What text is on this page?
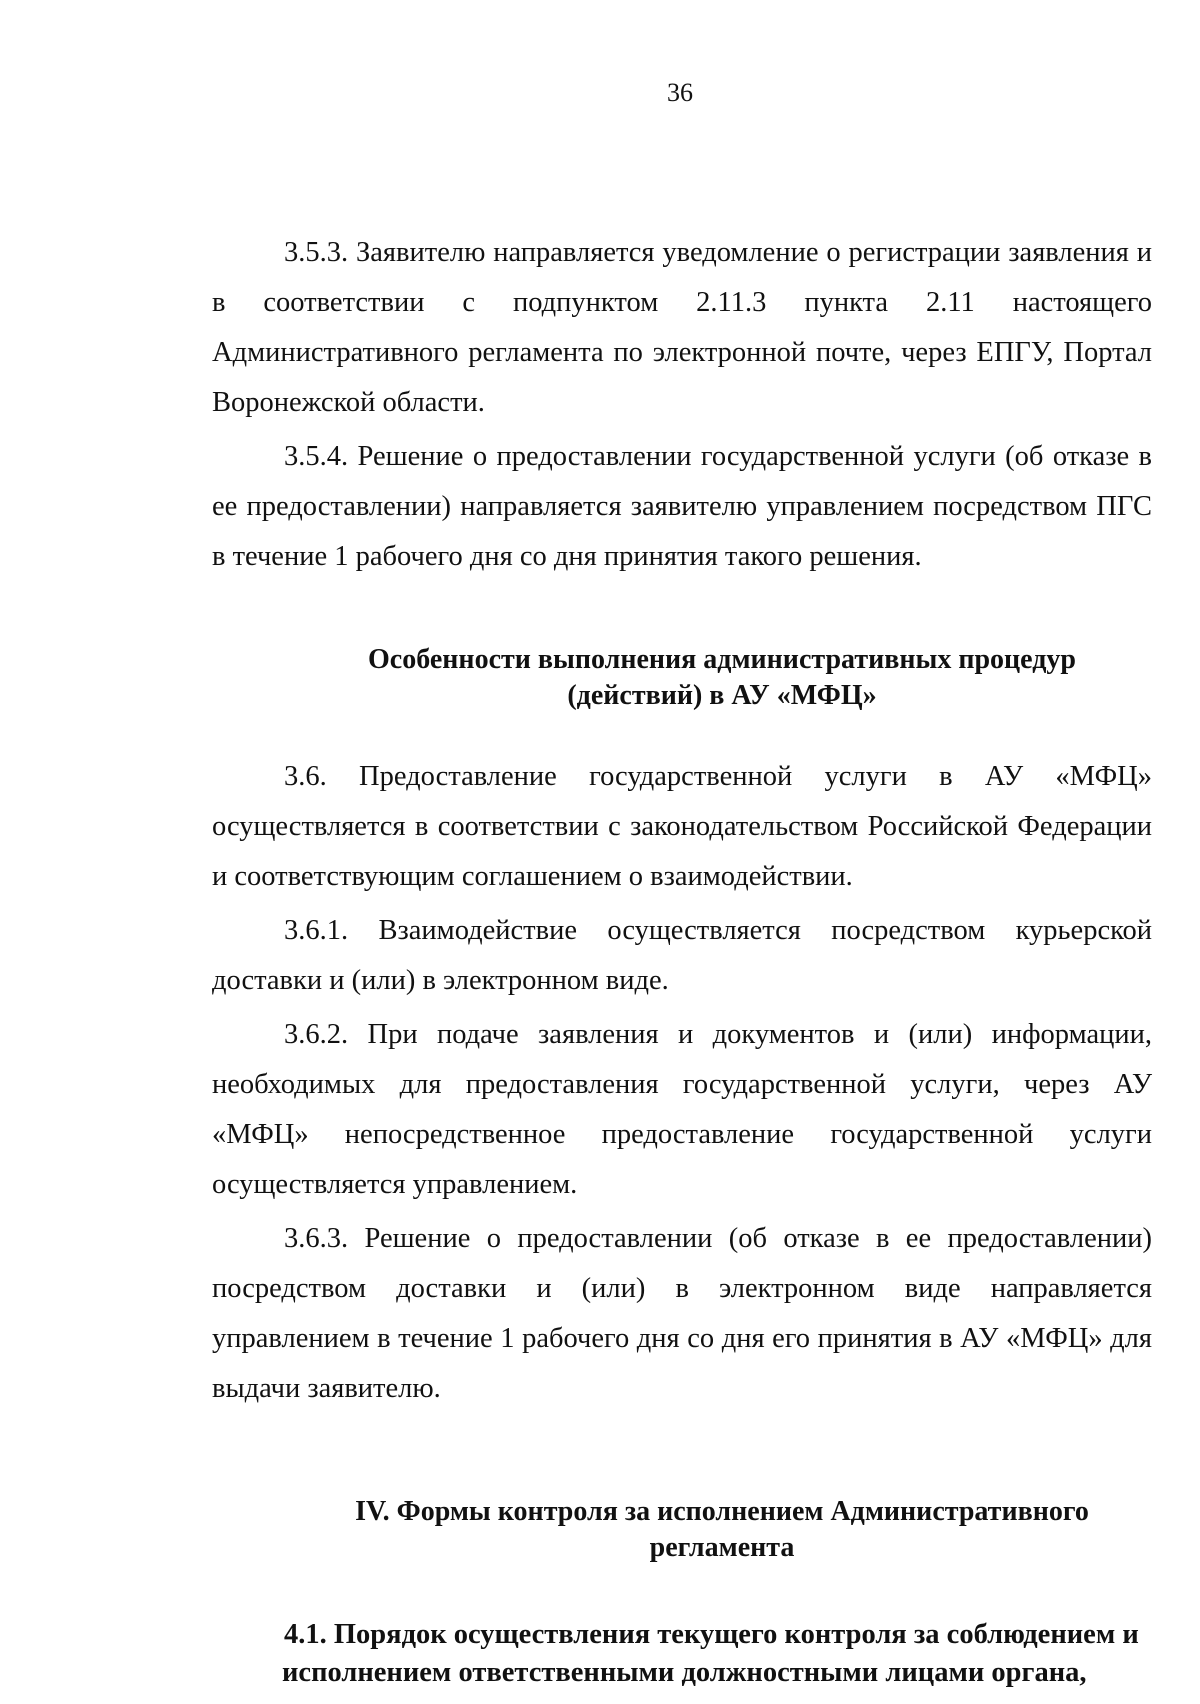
36

3.5.3. Заявителю направляется уведомление о регистрации заявления и в соответствии с подпунктом 2.11.3 пункта 2.11 настоящего Административного регламента по электронной почте, через ЕПГУ, Портал Воронежской области.

3.5.4. Решение о предоставлении государственной услуги (об отказе в ее предоставлении) направляется заявителю управлением посредством ПГС в течение 1 рабочего дня со дня принятия такого решения.

Особенности выполнения административных процедур
(действий) в АУ «МФЦ»

3.6. Предоставление государственной услуги в АУ «МФЦ» осуществляется в соответствии с законодательством Российской Федерации и соответствующим соглашением о взаимодействии.

3.6.1. Взаимодействие осуществляется посредством курьерской доставки и (или) в электронном виде.

3.6.2. При подаче заявления и документов и (или) информации, необходимых для предоставления государственной услуги, через АУ «МФЦ» непосредственное предоставление государственной услуги осуществляется управлением.

3.6.3. Решение о предоставлении (об отказе в ее предоставлении) посредством доставки и (или) в электронном виде направляется управлением в течение 1 рабочего дня со дня его принятия в АУ «МФЦ» для выдачи заявителю.

IV. Формы контроля за исполнением Административного
регламента
4.1. Порядок осуществления текущего контроля за соблюдением и
исполнением ответственными должностными лицами органа,
